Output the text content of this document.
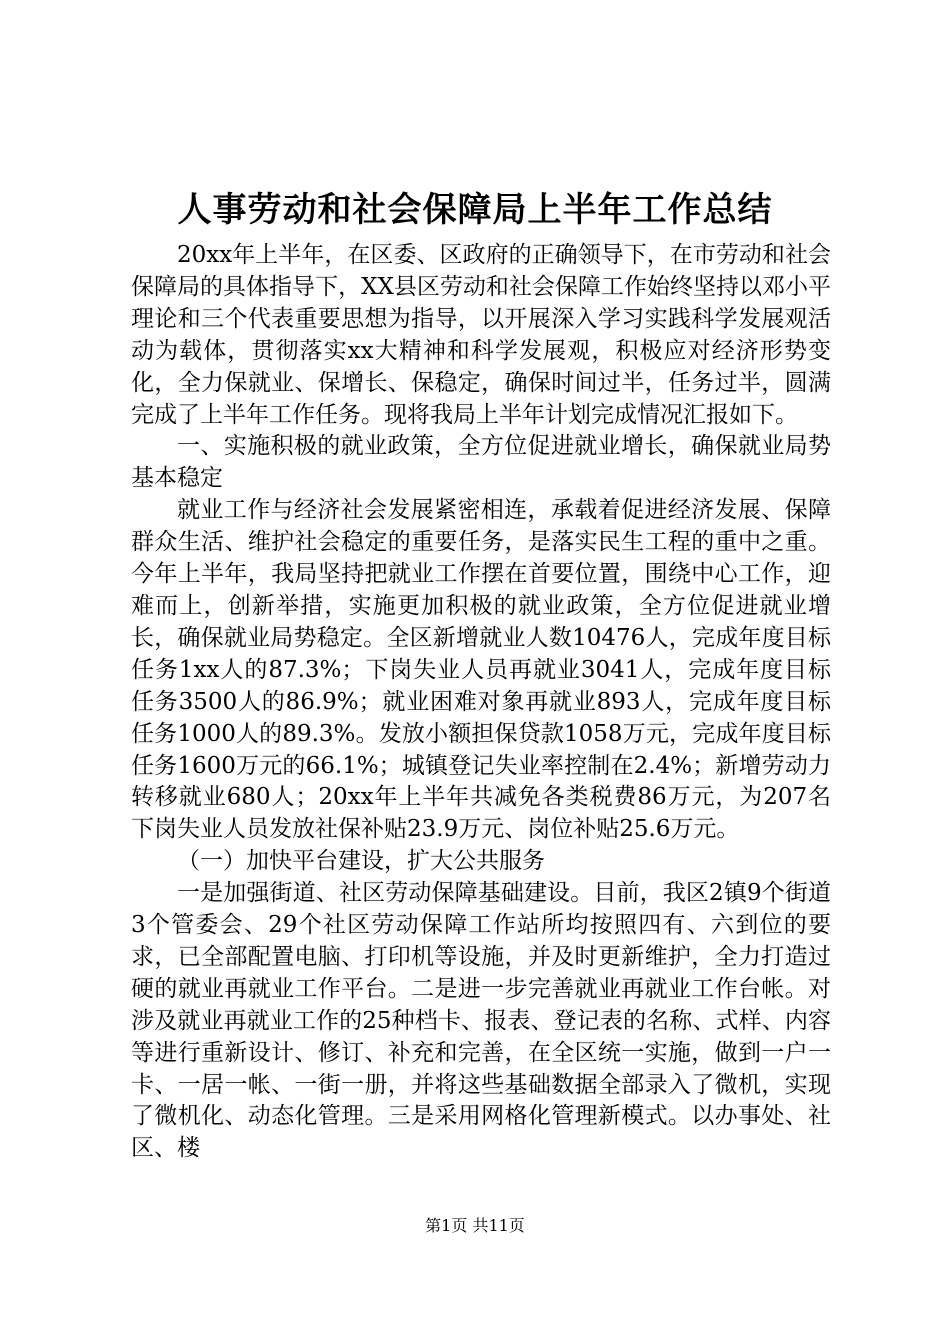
人事劳动和社会保障局上半年工作总结

20xx年上半年，在区委、区政府的正确领导下，在市劳动和社会保障局的具体指导下，XX县区劳动和社会保障工作始终坚持以邓小平理论和三个代表重要思想为指导，以开展深入学习实践科学发展观活动为载体，贯彻落实xx大精神和科学发展观，积极应对经济形势变化，全力保就业、保增长、保稳定，确保时间过半，任务过半，圆满完成了上半年工作任务。现将我局上半年计划完成情况汇报如下。

一、实施积极的就业政策，全方位促进就业增长，确保就业局势基本稳定

就业工作与经济社会发展紧密相连，承载着促进经济发展、保障群众生活、维护社会稳定的重要任务，是落实民生工程的重中之重。今年上半年，我局坚持把就业工作摆在首要位置，围绕中心工作，迎难而上，创新举措，实施更加积极的就业政策，全方位促进就业增长，确保就业局势稳定。全区新增就业人数10476人，完成年度目标任务1xx人的87.3%；下岗失业人员再就业3041人，完成年度目标任务3500人的86.9%；就业困难对象再就业893人，完成年度目标任务1000人的89.3%。发放小额担保贷款1058万元，完成年度目标任务1600万元的66.1%；城镇登记失业率控制在2.4%；新增劳动力转移就业680人；20xx年上半年共减免各类税费86万元，为207名下岗失业人员发放社保补贴23.9万元、岗位补贴25.6万元。

（一）加快平台建设，扩大公共服务

一是加强街道、社区劳动保障基础建设。目前，我区2镇9个街道3个管委会、29个社区劳动保障工作站所均按照四有、六到位的要求，已全部配置电脑、打印机等设施，并及时更新维护，全力打造过硬的就业再就业工作平台。二是进一步完善就业再就业工作台帐。对涉及就业再就业工作的25种档卡、报表、登记表的名称、式样、内容等进行重新设计、修订、补充和完善，在全区统一实施，做到一户一卡、一居一帐、一街一册，并将这些基础数据全部录入了微机，实现了微机化、动态化管理。三是采用网格化管理新模式。以办事处、社区、楼

第1页 共11页
